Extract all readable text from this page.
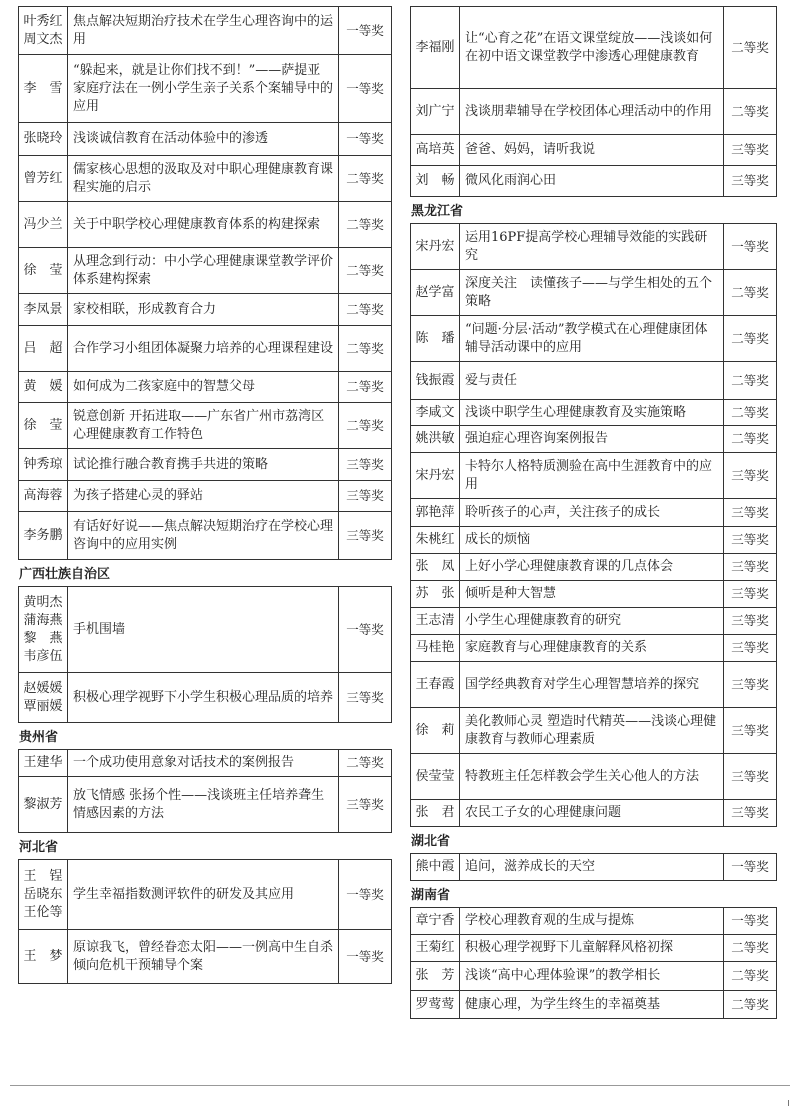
叶秀红
周文杰	焦点解决短期治疗技术在学生心理咨询中的运用	一等奖

李　雪	“躲起来，就是让你们找不到！”——萨提亚家庭疗法在一例小学生亲子关系个案辅导中的应用	一等奖

张晓玲	浅谈诚信教育在活动体验中的渗透	一等奖

曾芳红	儒家核心思想的汲取及对中职心理健康教育课程实施的启示	二等奖

冯少兰	关于中职学校心理健康教育体系的构建探索	二等奖

徐　莹	从理念到行动：中小学心理健康课堂教学评价体系建构探索	二等奖

李凤景	家校相联，形成教育合力	二等奖

吕　超	合作学习小组团体凝聚力培养的心理课程建设	二等奖

黄　媛	如何成为二孩家庭中的智慧父母	二等奖

徐　莹	锐意创新 开拓进取——广东省广州市荔湾区心理健康教育工作特色	二等奖

钟秀琼	试论推行融合教育携手共进的策略	三等奖

高海蓉	为孩子搭建心灵的驿站	三等奖

李务鹏	有话好好说——焦点解决短期治疗在学校心理咨询中的应用实例	三等奖
广西壮族自治区
黄明杰
蒲海燕
黎　燕
韦彦伍	手机围墙	一等奖

赵媛媛
覃丽媛	积极心理学视野下小学生积极心理品质的培养	三等奖
贵州省
王建华	一个成功使用意象对话技术的案例报告	二等奖

黎淑芳	放飞情感 张扬个性——浅谈班主任培养聋生情感因素的方法	三等奖
河北省
王　锃
岳晓东
王伦等	学生幸福指数测评软件的研发及其应用	一等奖

王　梦	原谅我飞，曾经眷恋太阳——一例高中生自杀倾向危机干预辅导个案	一等奖
李福刚	让“心育之花”在语文课堂绽放——浅谈如何在初中语文课堂教学中渗透心理健康教育	二等奖

刘广宁	浅谈朋辈辅导在学校团体心理活动中的作用	二等奖

高培英	爸爸、妈妈，请听我说	三等奖

刘　畅	微风化雨润心田	三等奖
黑龙江省
宋丹宏	运用16PF提高学校心理辅导效能的实践研究	一等奖

赵学富	深度关注　读懂孩子——与学生相处的五个策略	二等奖

陈　璠	“问题·分层·活动”教学模式在心理健康团体辅导活动课中的应用	二等奖

钱振霞	爱与责任	二等奖

李咸文	浅谈中职学生心理健康教育及实施策略	二等奖

姚洪敏	强迫症心理咨询案例报告	二等奖

宋丹宏	卡特尔人格特质测验在高中生涯教育中的应用	三等奖

郭艳萍	聆听孩子的心声，关注孩子的成长	三等奖

朱桃红	成长的烦恼	三等奖

张　凤	上好小学心理健康教育课的几点体会	三等奖

苏　张	倾听是种大智慧	三等奖

王志清	小学生心理健康教育的研究	三等奖

马桂艳	家庭教育与心理健康教育的关系	三等奖

王春霞	国学经典教育对学生心理智慧培养的探究	三等奖

徐　莉	美化教师心灵 塑造时代精英——浅谈心理健康教育与教师心理素质	三等奖

侯莹莹	特教班主任怎样教会学生关心他人的方法	三等奖

张　君	农民工子女的心理健康问题	三等奖
湖北省
熊中霞	追问，滋养成长的天空	一等奖
湖南省
章宁香	学校心理教育观的生成与提炼	一等奖

王菊红	积极心理学视野下儿童解释风格初探	二等奖

张　芳	浅谈“高中心理体验课”的教学相长	二等奖

罗莺莺	健康心理，为学生终生的幸福奠基	二等奖
